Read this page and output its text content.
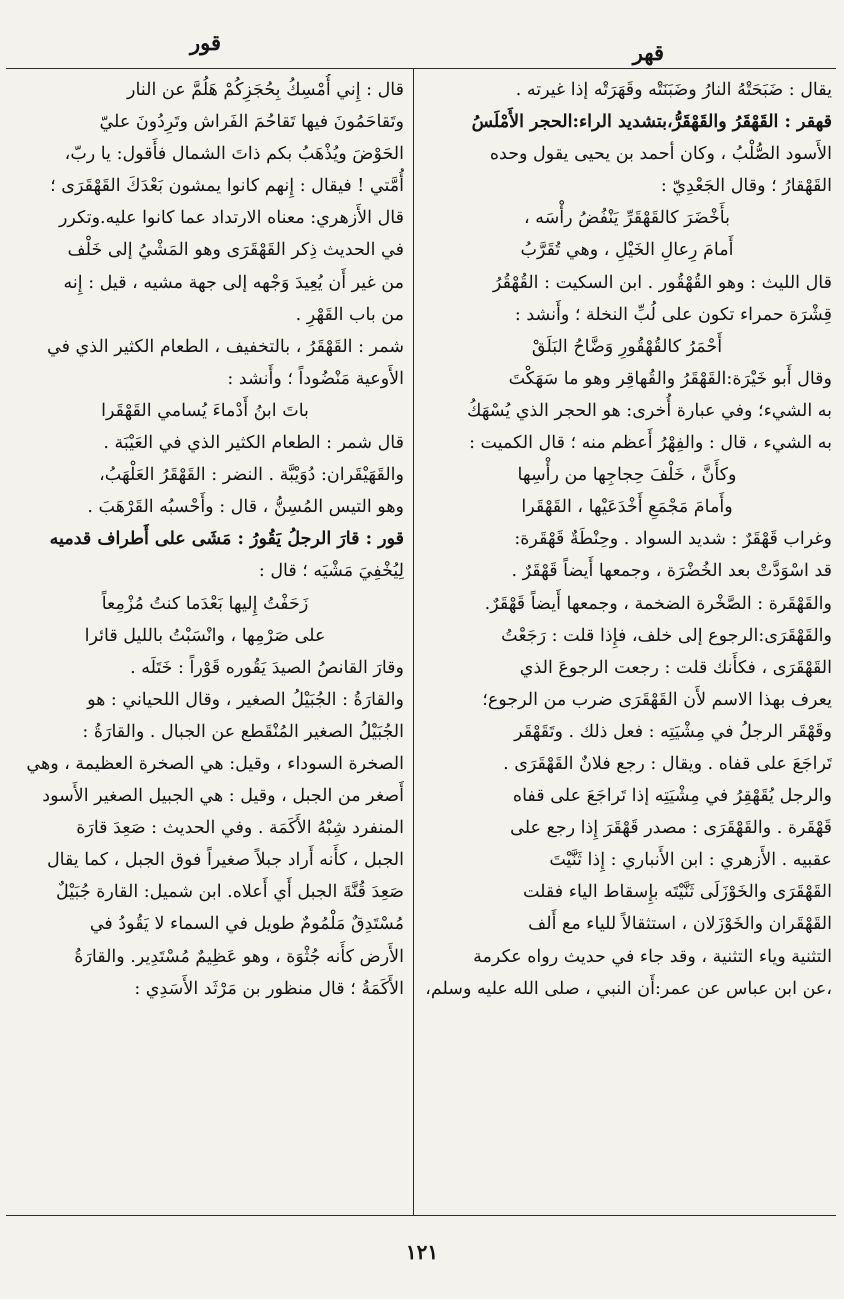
قور	قهر

يقال : ضَبَحَتْهُ النارُ وضَبَنَتْه وقَهَرَتْه إذا غيرته .

قهقر : القَهْقَرُ والقَهْقَرُّ،بتشديد الراء:الحجر الأَمْلَسُ

الأَسود الصُّلْبُ ، وكان أحمد بن يحيى يقول وحده

القَهْقارُ ؛ وقال الجَعْدِيّ :

بأَخْضَرَ كالقَهْقَرِّ يَنْفُضُ رأْسَه ،

أَمامَ رِعالِ الخَيْلِ ، وهي تُقَرَّبُ

قال الليث : وهو القُهْقُور . ابن السكيت : القُهْقُرُ

قِشْرَة حمراء تكون على لُبِّ النخلة ؛ وأَنشد :

أَحْمَرُ كالقُهْقُورِ وَضَّاحُ البَلَقْ

وقال أَبو خَيْرَة:القَهْقَرُ والقُهاقِر وهو ما سَهَكْتَ

به الشيء؛ وفي عبارة أُخرى: هو الحجر الذي يُسْهَكُ

به الشيء ، قال : والفِهْرُ أَعظم منه ؛ قال الكميت :

وكأَنَّ ، خَلْفَ حِجاجِها من رأْسِها

وأَمامَ مَجْمَعِ أَخْدَعَيْها ، القَهْقَرا

وغراب قَهْقَرٌ : شديد السواد . وحِنْطَةٌ قَهْقَرة:

قد اسْوَدَّتْ بعد الخُضْرَة ، وجمعها أَيضاً قَهْقَرٌ .

والقَهْقَرة : الصَّخْرة الضخمة ، وجمعها أَيضاً قَهْقَرٌ.

والقَهْقَرَى:الرجوع إلى خلف، فإِذا قلت : رَجَعْتُ

القَهْقَرَى ، فكأَنك قلت : رجعت الرجوعَ الذي

يعرف بهذا الاسم لأَن القَهْقَرَى ضرب من الرجوع؛

وقَهْقَر الرجلُ في مِشْيَتِه : فعل ذلك . وتَقَهْقَر

تَراجَعَ على قفاه . ويقال : رجع فلانٌ القَهْقَرَى .

والرجل يُقَهْقِرُ في مِشْيَتِه إذا تَراجَعَ على قفاه

قَهْقَرة . والقَهْقَرَى : مصدر قَهْقَرَ إِذا رجع على

عقبيه . الأَزهري : ابن الأَنباري : إِذا ثَنَّيْتَ

القَهْقَرَى والخَوْزَلَى ثَنَّيْتَه بإِسقاط الياء فقلت

القَهْقَران والخَوْزَلان ، استثقالاً للياء مع أَلف

التثنية وياء التثنية ، وقد جاء في حديث رواه عكرمة

،عن ابن عباس عن عمر:أَن النبي ، صلى الله عليه وسلم،

قال : إِني أُمْسِكُ بِحُجَزِكُمْ هَلُمَّ عن النار

وتَقاحَمُونَ فيها تَقاحُمَ الفَراش وتَرِدُونَ عليّ

الحَوْضَ ويُذْهَبُ بكم ذاتَ الشمال فأَقول: يا ربّ،

أُمَّتي ! فيقال : إِنهم كانوا يمشون بَعْدَكَ القَهْقَرَى ؛

قال الأَزهري: معناه الارتداد عما كانوا عليه.وتكرر

في الحديث ذِكر القَهْقَرَى وهو المَشْيُ إلى خَلْف

من غير أَن يُعِيدَ وَجْهه إلى جهة مشيه ، قيل : إِنه

من باب القَهْرِ .

شمر : القَهْقَرُ ، بالتخفيف ، الطعام الكثير الذي في

الأَوعية مَنْضُوداً ؛ وأَنشد :

باتَ ابنُ أَدْماءَ يُسامي القَهْقَرا

قال شمر : الطعام الكثير الذي في العَيْبَة .

والقَهَيْقَران: دُوَيْبَّة . النضر : القَهْقَرُ العَلْهَبُ،

وهو التيس المُسِنُّ ، قال : وأَحْسبُه القَرْهَبَ .

قور : قارَ الرجلُ يَقُورُ : مَشَى على أَطراف قدميه

لِيُخْفِيَ مَشْيَه ؛ قال :

زَحَفْتُ إِليها بَعْدَما كنتُ مُزْمِعاً

على صَرْمِها ، وانْسَبْتُ بالليل قائرا

وقارَ القانصُ الصيدَ يَقُوره قَوْراً : خَتَلَه .

والقارَةُ : الجُبَيْلُ الصغير ، وقال اللحياني : هو

الجُبَيْلُ الصغير المُنْقَطع عن الجبال . والقارَةُ :

الصخرة السوداء ، وقيل: هي الصخرة العظيمة ، وهي

أَصغر من الجبل ، وقيل : هي الجبيل الصغير الأَسود

المنفرد شِبْهُ الأَكَمَة . وفي الحديث : صَعِدَ قارَة

الجبل ، كأَنه أَراد جبلاً صغيراً فوق الجبل ، كما يقال

صَعِدَ قُنَّةَ الجبل أَي أَعلاه. ابن شميل: القارة جُبَيْلٌ

مُسْتَدِقٌ مَلْمُومٌ طويل في السماء لا يَقُودُ في

الأَرض كأَنه جُثْوَة ، وهو عَظِيمٌ مُسْتَدِير. والقارَةُ

الأَكَمَةُ ؛ قال منظور بن مَرْثَد الأَسَدِي :

١٢١
